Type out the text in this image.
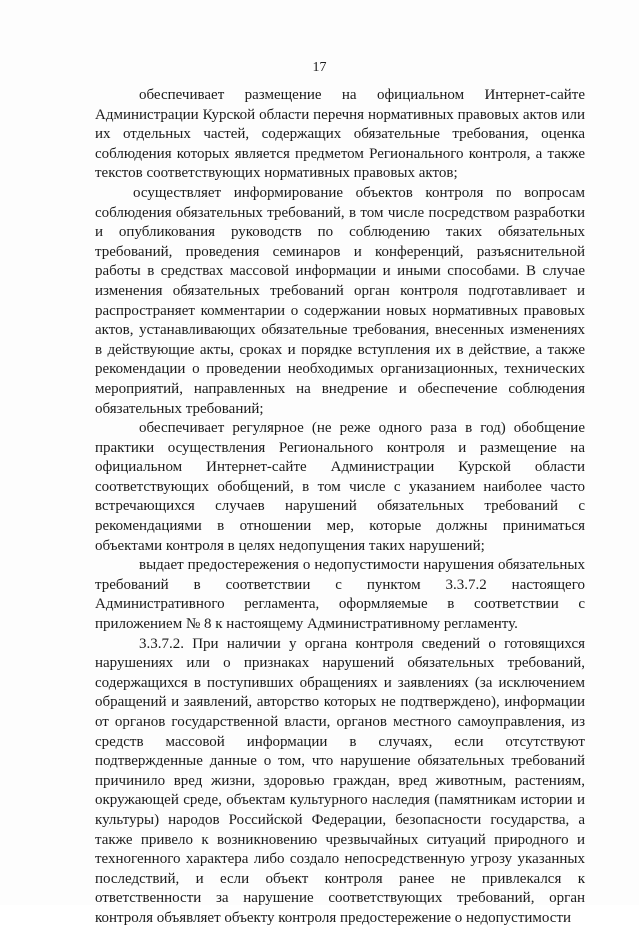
17

обеспечивает размещение на официальном Интернет-сайте Администрации Курской области перечня нормативных правовых актов или их отдельных частей, содержащих обязательные требования, оценка соблюдения которых является предметом Регионального контроля, а также текстов соответствующих нормативных правовых актов;

осуществляет информирование объектов контроля по вопросам соблюдения обязательных требований, в том числе посредством разработки и опубликования руководств по соблюдению таких обязательных требований, проведения семинаров и конференций, разъяснительной работы в средствах массовой информации и иными способами. В случае изменения обязательных требований орган контроля подготавливает и распространяет комментарии о содержании новых нормативных правовых актов, устанавливающих обязательные требования, внесенных изменениях в действующие акты, сроках и порядке вступления их в действие, а также рекомендации о проведении необходимых организационных, технических мероприятий, направленных на внедрение и обеспечение соблюдения обязательных требований;

обеспечивает регулярное (не реже одного раза в год) обобщение практики осуществления Регионального контроля и размещение на официальном Интернет-сайте Администрации Курской области соответствующих обобщений, в том числе с указанием наиболее часто встречающихся случаев нарушений обязательных требований с рекомендациями в отношении мер, которые должны приниматься объектами контроля в целях недопущения таких нарушений;

выдает предостережения о недопустимости нарушения обязательных требований в соответствии с пунктом 3.3.7.2 настоящего Административного регламента, оформляемые в соответствии с приложением № 8 к настоящему Административному регламенту.

3.3.7.2. При наличии у органа контроля сведений о готовящихся нарушениях или о признаках нарушений обязательных требований, содержащихся в поступивших обращениях и заявлениях (за исключением обращений и заявлений, авторство которых не подтверждено), информации от органов государственной власти, органов местного самоуправления, из средств массовой информации в случаях, если отсутствуют подтвержденные данные о том, что нарушение обязательных требований причинило вред жизни, здоровью граждан, вред животным, растениям, окружающей среде, объектам культурного наследия (памятникам истории и культуры) народов Российской Федерации, безопасности государства, а также привело к возникновению чрезвычайных ситуаций природного и техногенного характера либо создало непосредственную угрозу указанных последствий, и если объект контроля ранее не привлекался к ответственности за нарушение соответствующих требований, орган контроля объявляет объекту контроля предостережение о недопустимости
